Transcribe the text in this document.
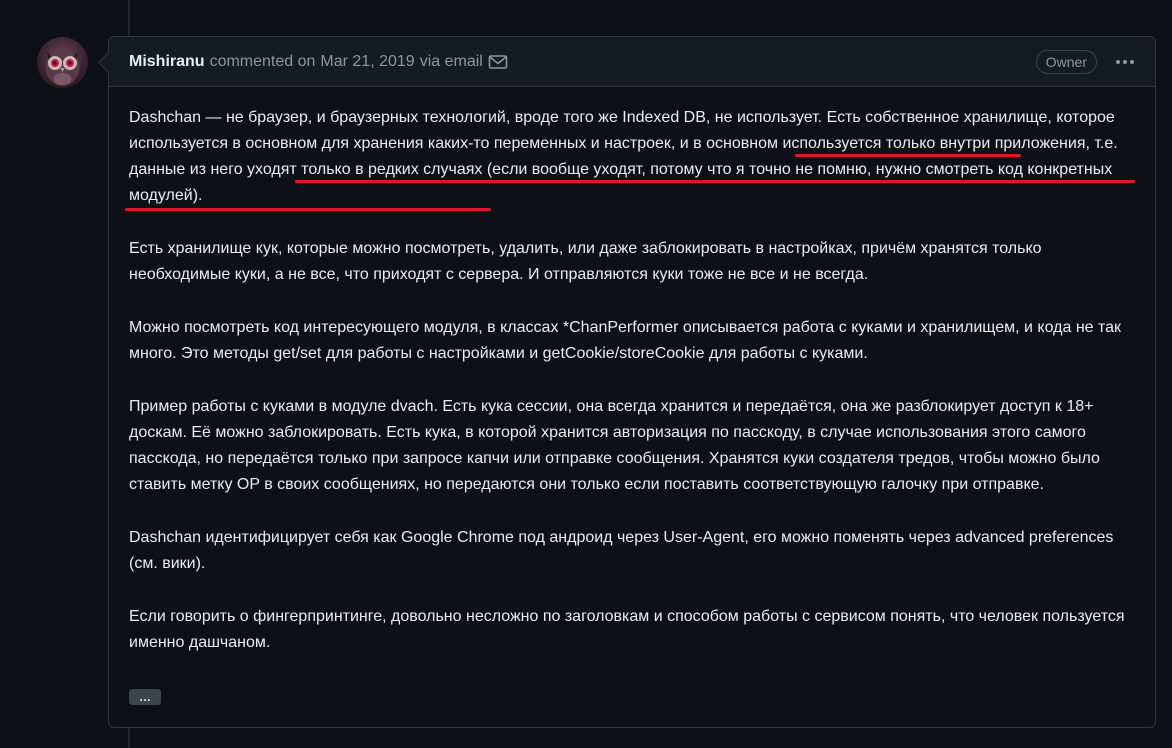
Mishiranu commented on Mar 21, 2019 via email	Owner

Dashchan — не браузер, и браузерных технологий, вроде того же Indexed DB, не использует. Есть собственное хранилище, которое используется в основном для хранения каких-то переменных и настроек, и в основном используется только внутри приложения, т.е. данные из него уходят только в редких случаях (если вообще уходят, потому что я точно не помню, нужно смотреть код конкретных модулей).

Есть хранилище кук, которые можно посмотреть, удалить, или даже заблокировать в настройках, причём хранятся только необходимые куки, а не все, что приходят с сервера. И отправляются куки тоже не все и не всегда.

Можно посмотреть код интересующего модуля, в классах *ChanPerformer описывается работа с куками и хранилищем, и кода не так много. Это методы get/set для работы с настройками и getCookie/storeCookie для работы с куками.

Пример работы с куками в модуле dvach. Есть кука сессии, она всегда хранится и передаётся, она же разблокирует доступ к 18+ доскам. Её можно заблокировать. Есть кука, в которой хранится авторизация по пасскоду, в случае использования этого самого пасскода, но передаётся только при запросе капчи или отправке сообщения. Хранятся куки создателя тредов, чтобы можно было ставить метку OP в своих сообщениях, но передаются они только если поставить соответствующую галочку при отправке.

Dashchan идентифицирует себя как Google Chrome под андроид через User-Agent, его можно поменять через advanced preferences (см. вики).

Если говорить о фингерпринтинге, довольно несложно по заголовкам и способом работы с сервисом понять, что человек пользуется именно дашчаном.

…
